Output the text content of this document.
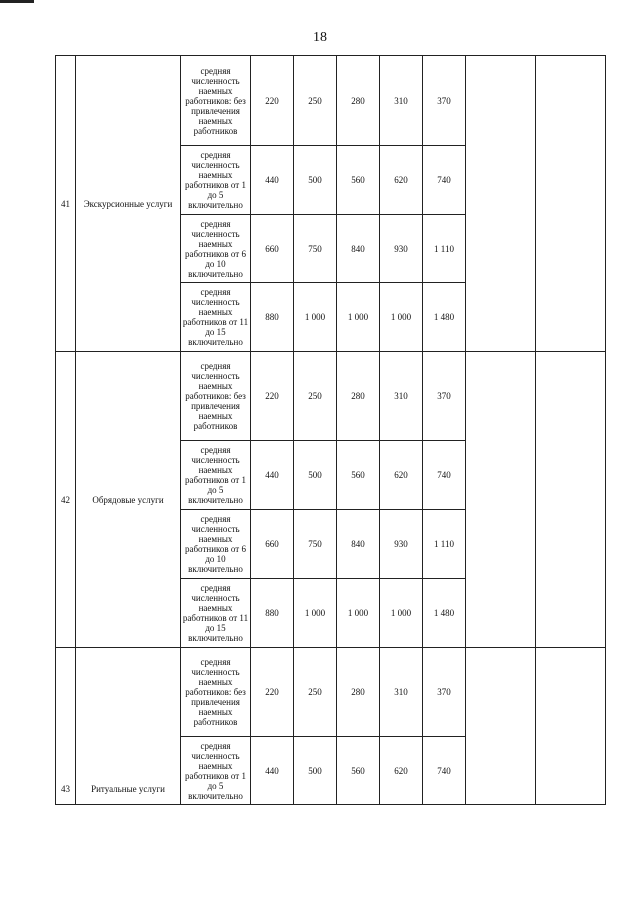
18
41	Экскурсионные услуги	средняя численность наемных работников: без привлечения наемных работников	220	250	280	310	370		
		средняя численность наемных работников от 1 до 5 включительно	440	500	560	620	740		
		средняя численность наемных работников от 6 до 10 включительно	660	750	840	930	1 110		
		средняя численность наемных работников от 11 до 15 включительно	880	1 000	1 000	1 000	1 480		
42	Обрядовые услуги	средняя численность наемных работников: без привлечения наемных работников	220	250	280	310	370		
		средняя численность наемных работников от 1 до 5 включительно	440	500	560	620	740		
		средняя численность наемных работников от 6 до 10 включительно	660	750	840	930	1 110		
		средняя численность наемных работников от 11 до 15 включительно	880	1 000	1 000	1 000	1 480		
43	Ритуальные услуги	средняя численность наемных работников: без привлечения наемных работников	220	250	280	310	370		
		средняя численность наемных работников от 1 до 5 включительно	440	500	560	620	740		
